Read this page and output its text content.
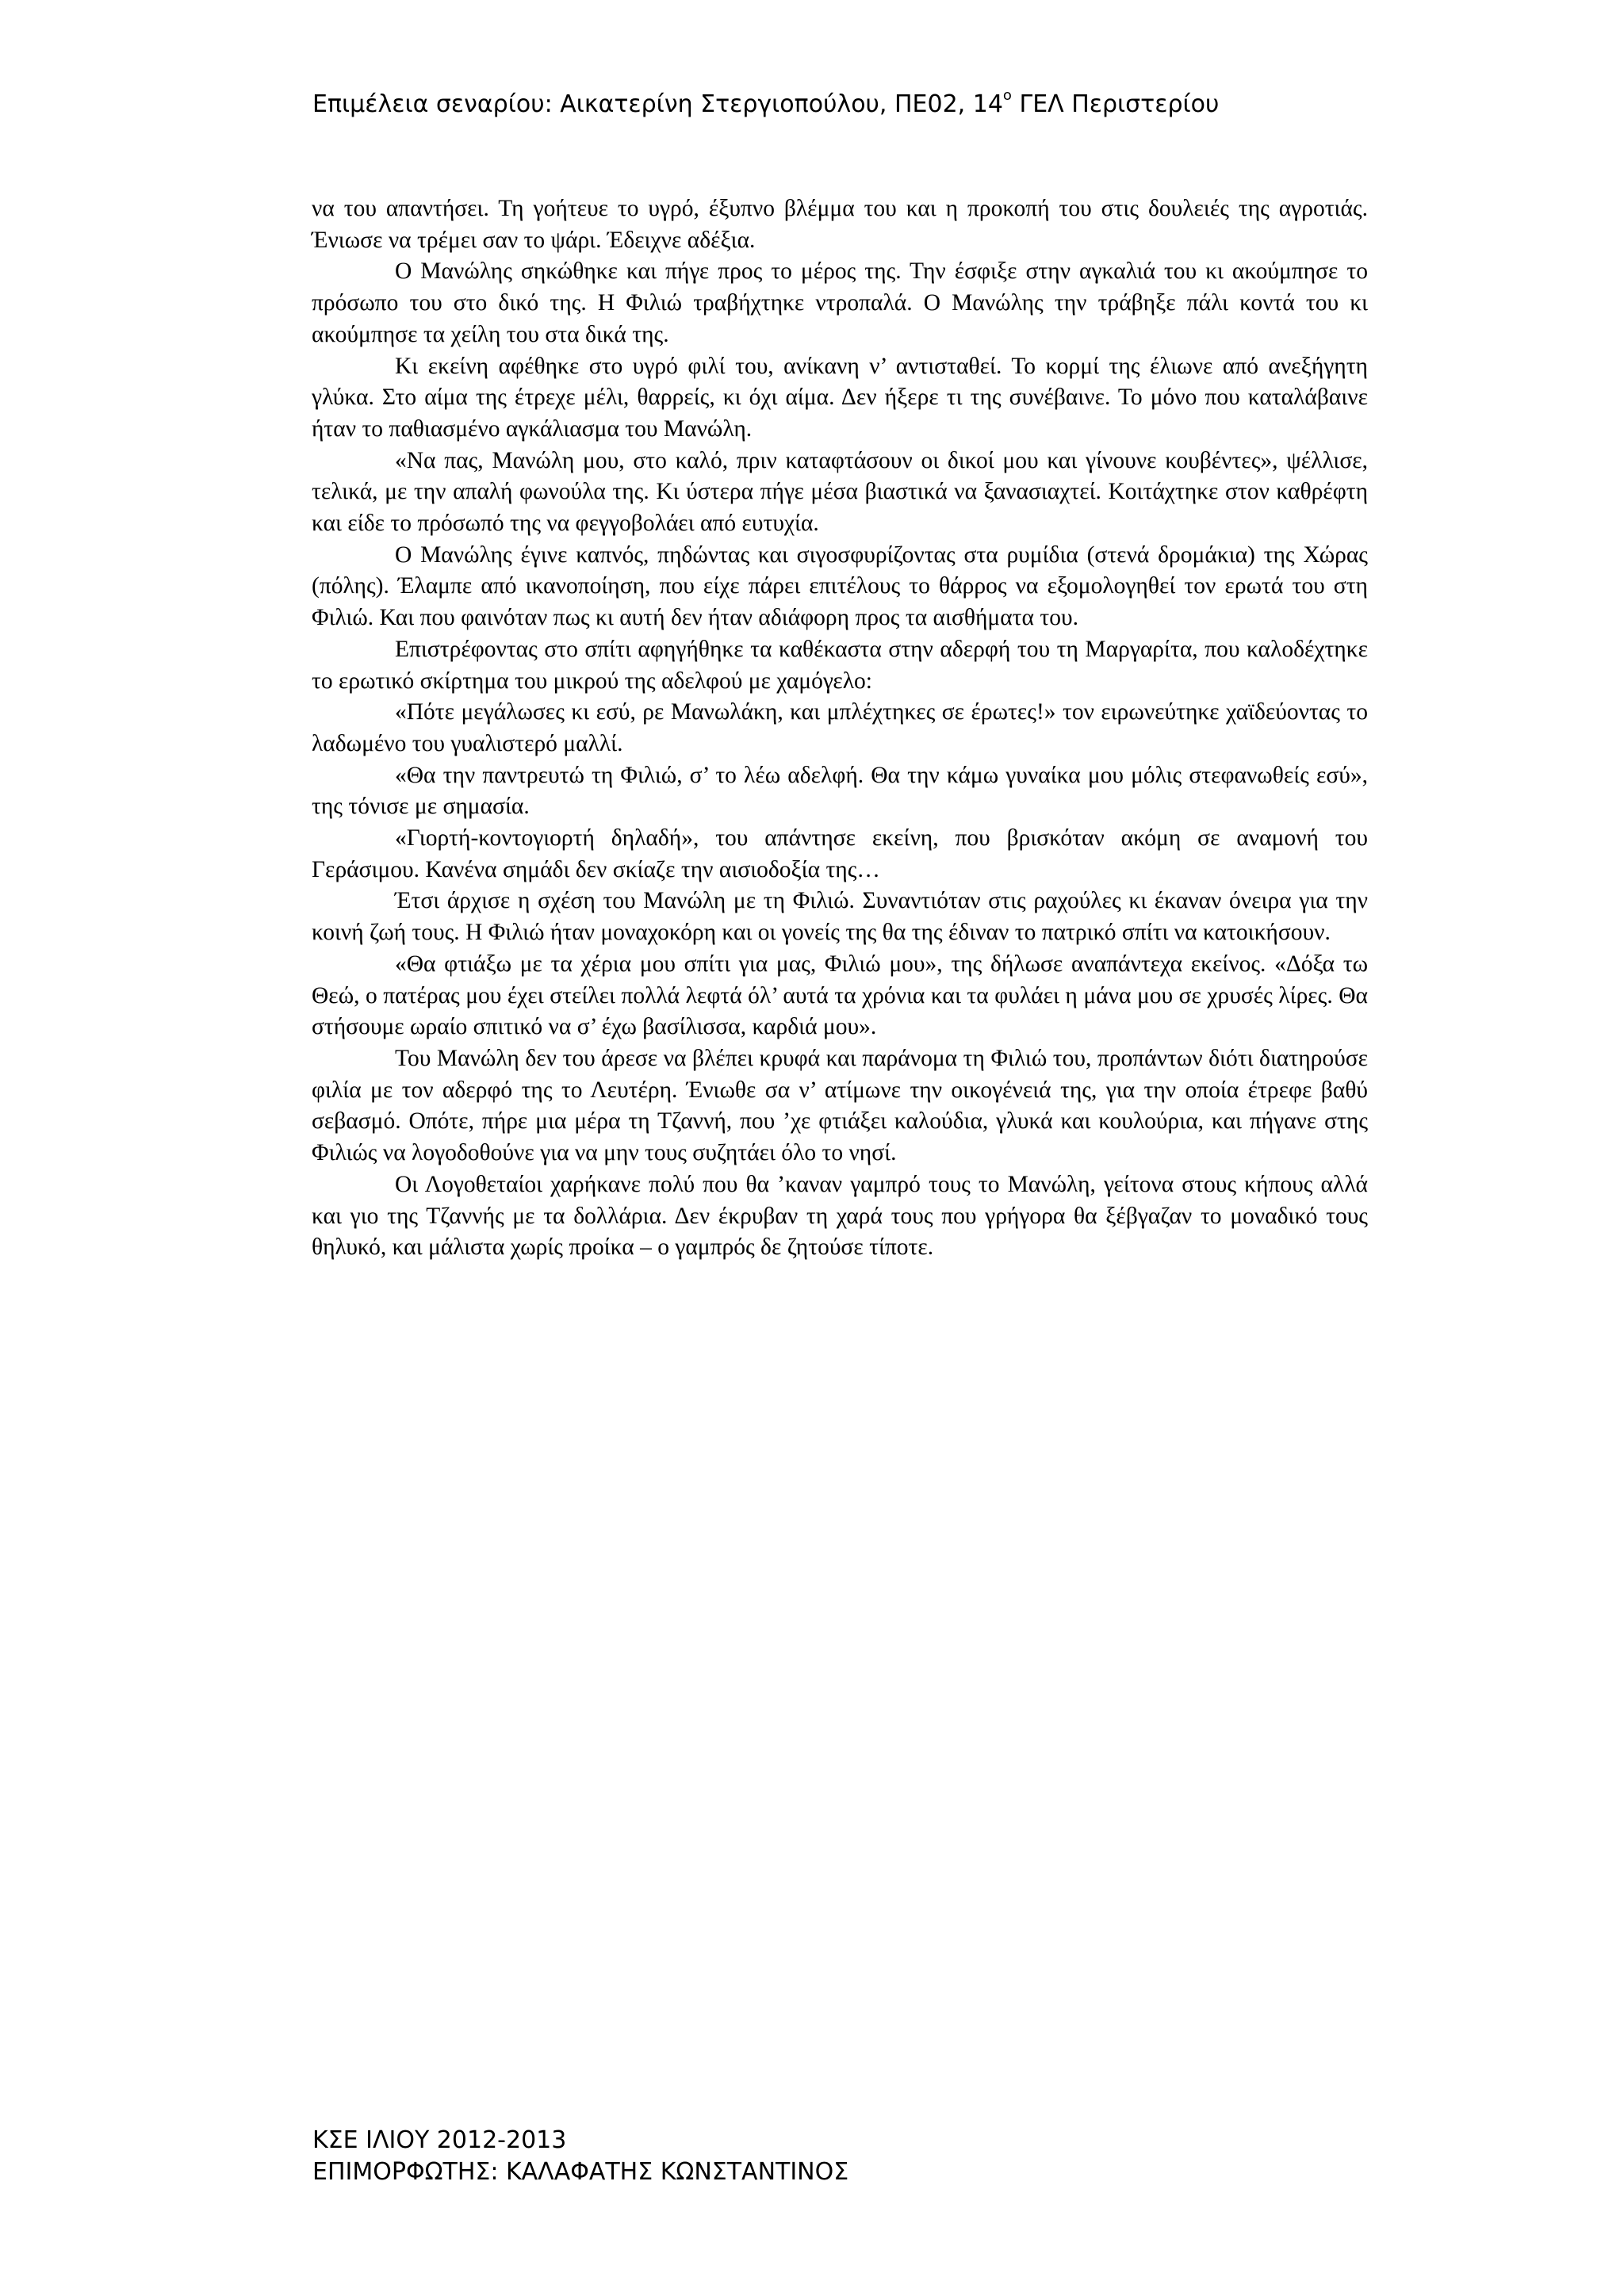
Επιμέλεια σεναρίου: Αικατερίνη Στεργιοπούλου, ΠΕ02, $14^o$ ΓΕΛ Περιστερίου

να του απαντήσει. Τη γοήτευε το υγρό, έξυπνο βλέμμα του και η προκοπή του στις δουλειές της αγροτιάς. Ένιωσε να τρέμει σαν το ψάρι. Έδειχνε αδέξια.

Ο Μανώλης σηκώθηκε και πήγε προς το μέρος της. Την έσφιξε στην αγκαλιά του κι ακούμπησε το πρόσωπο του στο δικό της. Η Φιλιώ τραβήχτηκε ντροπαλά. Ο Μανώλης την τράβηξε πάλι κοντά του κι ακούμπησε τα χείλη του στα δικά της.

Κι εκείνη αφέθηκε στο υγρό φιλί του, ανίκανη ν’ αντισταθεί. Το κορμί της έλιωνε από ανεξήγητη γλύκα. Στο αίμα της έτρεχε μέλι, θαρρείς, κι όχι αίμα. Δεν ήξερε τι της συνέβαινε. Το μόνο που καταλάβαινε ήταν το παθιασμένο αγκάλιασμα του Μανώλη.

«Να πας, Μανώλη μου, στο καλό, πριν καταφτάσουν οι δικοί μου και γίνουνε κουβέντες», ψέλλισε, τελικά, με την απαλή φωνούλα της. Κι ύστερα πήγε μέσα βιαστικά να ξανασιαχτεί. Κοιτάχτηκε στον καθρέφτη και είδε το πρόσωπό της να φεγγοβολάει από ευτυχία.

Ο Μανώλης έγινε καπνός, πηδώντας και σιγοσφυρίζοντας στα ρυμίδια (στενά δρομάκια) της Χώρας (πόλης). Έλαμπε από ικανοποίηση, που είχε πάρει επιτέλους το θάρρος να εξομολογηθεί τον ερωτά του στη Φιλιώ. Και που φαινόταν πως κι αυτή δεν ήταν αδιάφορη προς τα αισθήματα του.

Επιστρέφοντας στο σπίτι αφηγήθηκε τα καθέκαστα στην αδερφή του τη Μαργαρίτα, που καλοδέχτηκε το ερωτικό σκίρτημα του μικρού της αδελφού με χαμόγελο:

«Πότε μεγάλωσες κι εσύ, ρε Μανωλάκη, και μπλέχτηκες σε έρωτες!» τον ειρωνεύτηκε χαϊδεύοντας το λαδωμένο του γυαλιστερό μαλλί.

«Θα την παντρευτώ τη Φιλιώ, σ’ το λέω αδελφή. Θα την κάμω γυναίκα μου μόλις στεφανωθείς εσύ», της τόνισε με σημασία.

«Γιορτή-κοντογιορτή δηλαδή», του απάντησε εκείνη, που βρισκόταν ακόμη σε αναμονή του Γεράσιμου. Κανένα σημάδι δεν σκίαζε την αισιοδοξία της…

Έτσι άρχισε η σχέση του Μανώλη με τη Φιλιώ. Συναντιόταν στις ραχούλες κι έκαναν όνειρα για την κοινή ζωή τους. Η Φιλιώ ήταν μοναχοκόρη και οι γονείς της θα της έδιναν το πατρικό σπίτι να κατοικήσουν.

«Θα φτιάξω με τα χέρια μου σπίτι για μας, Φιλιώ μου», της δήλωσε αναπάντεχα εκείνος. «Δόξα τω Θεώ, ο πατέρας μου έχει στείλει πολλά λεφτά όλ’ αυτά τα χρόνια και τα φυλάει η μάνα μου σε χρυσές λίρες. Θα στήσουμε ωραίο σπιτικό να σ’ έχω βασίλισσα, καρδιά μου».

Του Μανώλη δεν του άρεσε να βλέπει κρυφά και παράνομα τη Φιλιώ του, προπάντων διότι διατηρούσε φιλία με τον αδερφό της το Λευτέρη. Ένιωθε σα ν’ ατίμωνε την οικογένειά της, για την οποία έτρεφε βαθύ σεβασμό. Οπότε, πήρε μια μέρα τη Τζαννή, που ’χε φτιάξει καλούδια, γλυκά και κουλούρια, και πήγανε στης Φιλιώς να λογοδοθούνε για να μην τους συζητάει όλο το νησί.

Οι Λογοθεταίοι χαρήκανε πολύ που θα ’καναν γαμπρό τους το Μανώλη, γείτονα στους κήπους αλλά και γιο της Τζαννής με τα δολλάρια. Δεν έκρυβαν τη χαρά τους που γρήγορα θα ξέβγαζαν το μοναδικό τους θηλυκό, και μάλιστα χωρίς προίκα – ο γαμπρός δε ζητούσε τίποτε.

ΚΣΕ ΙΛΙΟΥ 2012-2013
ΕΠΙΜΟΡΦΩΤΗΣ: ΚΑΛΑΦΑΤΗΣ ΚΩΝΣΤΑΝΤΙΝΟΣ
